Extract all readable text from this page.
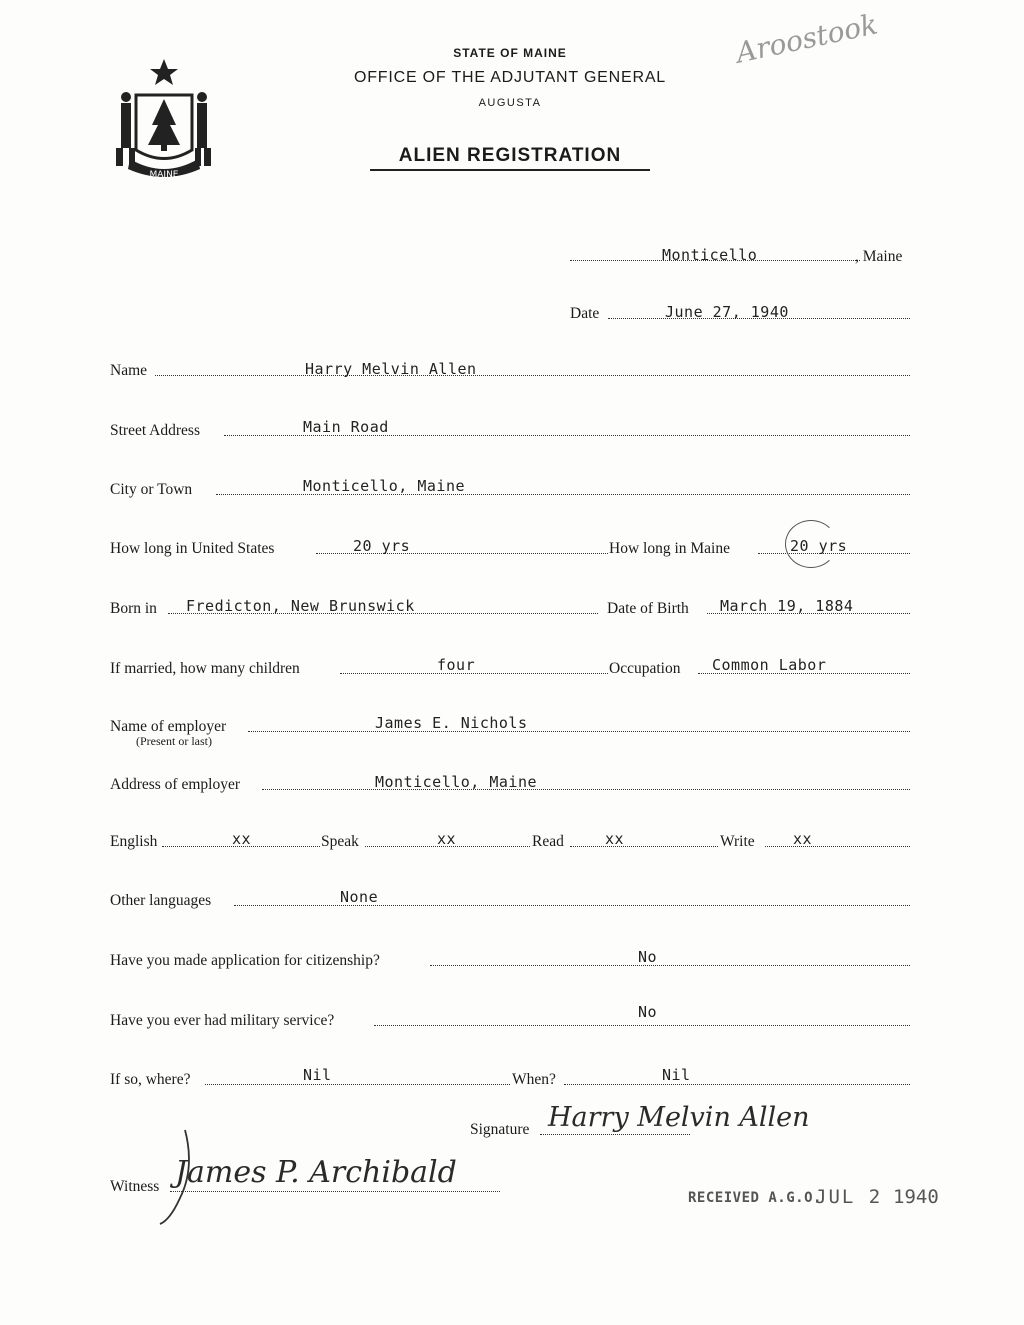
MAINE
STATE OF MAINE
OFFICE OF THE ADJUTANT GENERAL
AUGUSTA
ALIEN REGISTRATION
Aroostook
Monticello	, Maine
Date	June 27, 1940
Name	Harry Melvin Allen
Street Address	Main Road
City or Town	Monticello, Maine
How long in United States	20 yrs	How long in Maine	20 yrs
Born in Fredicton, New Brunswick	Date of Birth March 19, 1884
If married, how many children	four	Occupation Common Labor
Name of employer
(Present or last)
James E. Nichols
Address of employer	Monticello, Maine
English	xx	Speak	xx	Read	xx	Write	xx
Other languages	None
Have you made application for citizenship?	No
Have you ever had military service?	No
If so, where?	Nil	When?	Nil
Signature Harry Melvin Allen
Witness James P. Archibald
RECEIVED A.G.O.
JUL 2 1940
